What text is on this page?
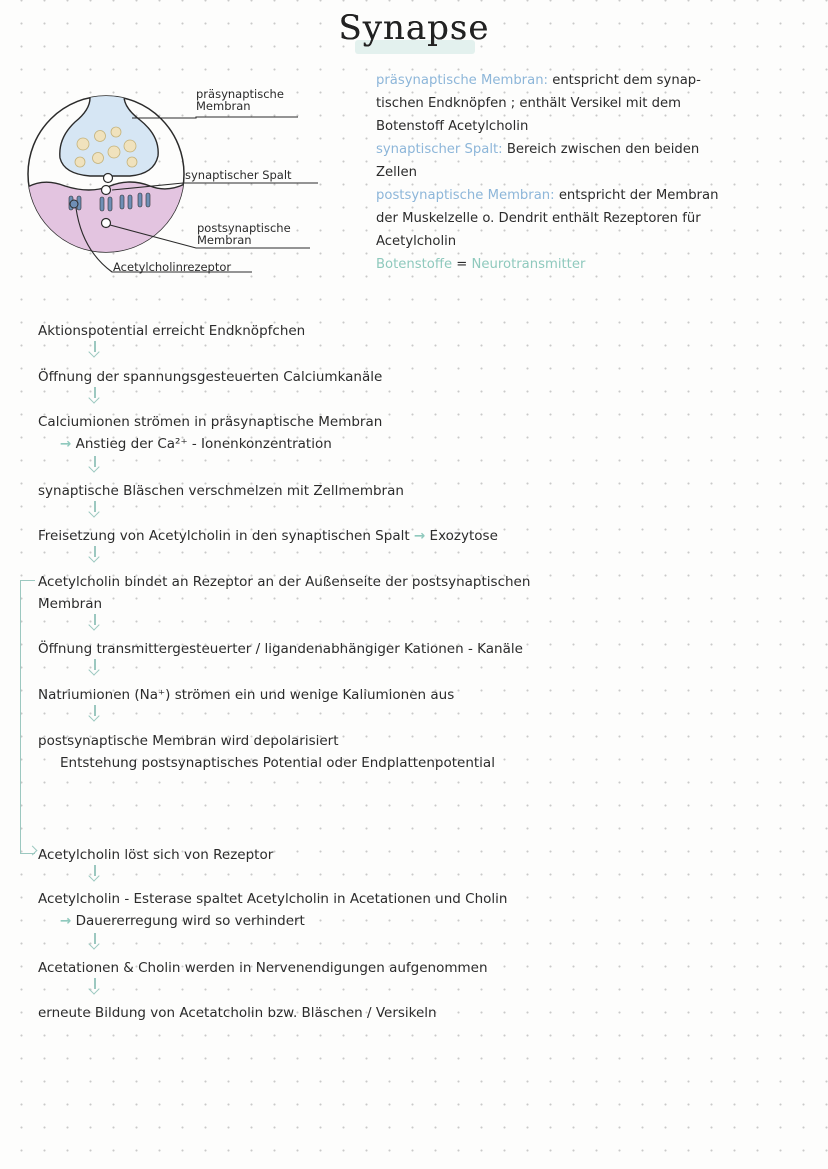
Synapse
präsynaptische
Membran
synaptischer Spalt
postsynaptische
Membran
Acetylcholinrezeptor

präsynaptische Membran: entspricht dem synap-

tischen Endknöpfen ; enthält Versikel mit dem

Botenstoff Acetylcholin

synaptischer Spalt: Bereich zwischen den beiden

Zellen

postsynaptische Membran: entspricht der Membran

der Muskelzelle o. Dendrit enthält Rezeptoren für

Acetylcholin

Botenstoffe = Neurotransmitter

Aktionspotential erreicht Endknöpfchen
Öffnung der spannungsgesteuerten Calciumkanäle
Calciumionen strömen in präsynaptische Membran
→ Anstieg der Ca²⁺ - Ionenkonzentration
synaptische Bläschen verschmelzen mit Zellmembran
Freisetzung von Acetylcholin in den synaptischen Spalt → Exozytose
Acetylcholin bindet an Rezeptor an der Außenseite der postsynaptischen
Membran
Öffnung transmittergesteuerter / ligandenabhängiger Kationen - Kanäle
Natriumionen (Na⁺) strömen ein und wenige Kaliumionen aus
postsynaptische Membran wird depolarisiert
Entstehung postsynaptisches Potential oder Endplattenpotential
Acetylcholin löst sich von Rezeptor
Acetylcholin - Esterase spaltet Acetylcholin in Acetationen und Cholin
→ Dauererregung wird so verhindert
Acetationen & Cholin werden in Nervenendigungen aufgenommen
erneute Bildung von Acetatcholin bzw. Bläschen / Versikeln
